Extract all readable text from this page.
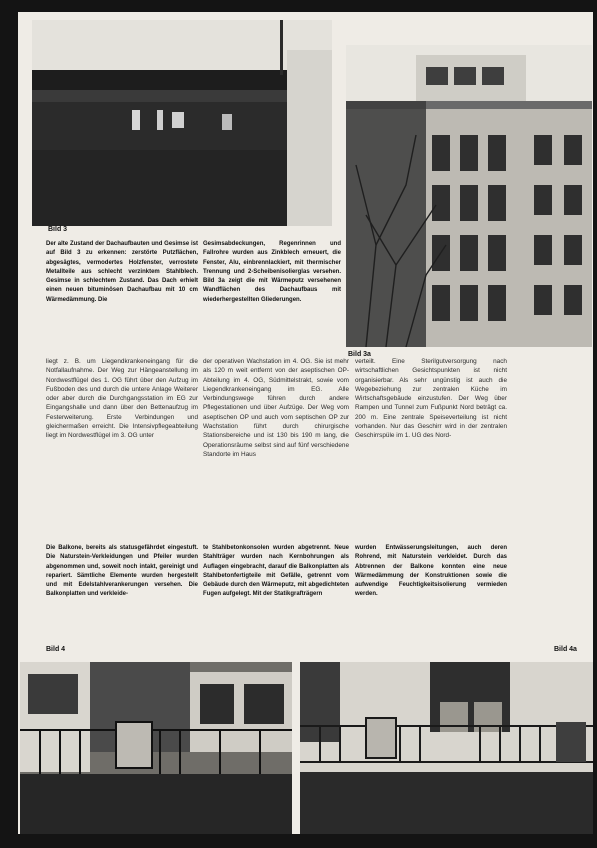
Bild 3
Der alte Zustand der Dachaufbauten und Gesimse ist auf Bild 3 zu erkennen: zerstörte Putzflächen, abgesägtes, vermodertes Holzfenster, verrostete Metallteile aus schlecht verzinktem Stahlblech. Gesimse in schlechtem Zustand. Das Dach erhielt einen neuen bituminösen Dachaufbau mit 10 cm Wärmedämmung. Die
Gesimsabdeckungen, Regenrinnen und Fallrohre wurden aus Zinkblech erneuert, die Fenster, Alu, einbrennlackiert, mit thermischer Trennung und 2-Scheibenisolierglas versehen. Bild 3a zeigt die mit Wärmeputz versehenen Wandflächen des Dachaufbaus mit wiederhergestellten Gliederungen.
Bild 3a
liegt z. B. um Liegendkrankeneingang für die Notfallaufnahme. Der Weg zur Hängeanstellung im Nordwestflügel des 1. OG führt über den Aufzug im Fußboden des und durch die untere Anlage Weiterer oder aber durch die Durchgangsstation im EG zur Eingangshalle und dann über den Bettenaufzug im Festerweiterung. Erste Verbindungen und gleichermaßen erreicht. Die Intensivpflegeabteilung liegt im Nordwestflügel im 3. OG unter
der operativen Wachstation im 4. OG. Sie ist mehr als 120 m weit entfernt von der aseptischen OP-Abteilung im 4. OG, Südmittelstrakt, sowie vom Liegendkrankeneingang im EG. Alle Verbindungswege führen durch andere Pflegestationen und über Aufzüge. Der Weg vom aseptischen OP und auch vom septischen OP zur Wachstation führt durch chirurgische Stationsbereiche und ist 130 bis 190 m lang, die Operationsräume selbst sind auf fünf verschiedene Standorte im Haus
verteilt. Eine Sterilgutversorgung nach wirtschaftlichen Gesichtspunkten ist nicht organisierbar. Als sehr ungünstig ist auch die Wegebeziehung zur zentralen Küche im Wirtschaftsgebäude einzustufen. Der Weg über Rampen und Tunnel zum Fußpunkt Nord beträgt ca. 200 m. Eine zentrale Speiseverteilung ist nicht vorhanden. Nur das Geschirr wird in der zentralen Geschirrspüle im 1. UG des Nord-
Die Balkone, bereits als statusgefährdet eingestuft. Die Naturstein-Verkleidungen und Pfeiler wurden abgenommen und, soweit noch intakt, gereinigt und repariert. Sämtliche Elemente wurden hergestellt und mit Edelstahlverankerungen versehen. Die Balkonplatten und verkleide-
te Stahlbetonkonsolen wurden abgetrennt. Neue Stahlträger wurden nach Kernbohrungen als Auflagen eingebracht, darauf die Balkonplatten als Stahlbetonfertigteile mit Gefälle, getrennt vom Gebäude durch den Wärmeputz, mit abgedichteten Fugen aufgelegt. Mit der Statikgrafträgern
wurden Entwässerungsleitungen, auch deren Rohrend, mit Naturstein verkleidet. Durch das Abtrennen der Balkone konnten eine neue Wärmedämmung der Konstruktionen sowie die aufwendige Feuchtigkeitsisolierung vermieden werden.
Bild 4	Bild 4a
